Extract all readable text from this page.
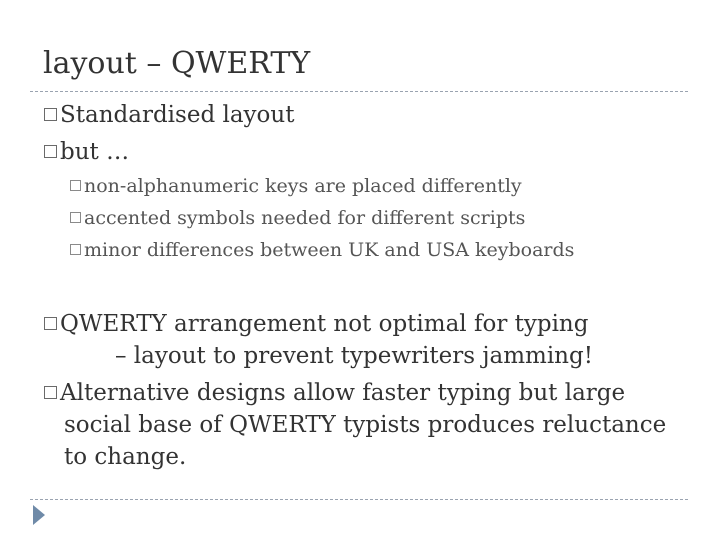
layout – QWERTY
Standardised layout
but …
non-alphanumeric keys are placed differently
accented symbols needed for different scripts
minor differences between UK and USA keyboards
QWERTY arrangement not optimal for typing
– layout to prevent typewriters jamming!
Alternative designs allow faster typing but large
social base of QWERTY typists produces reluctance
to change.
